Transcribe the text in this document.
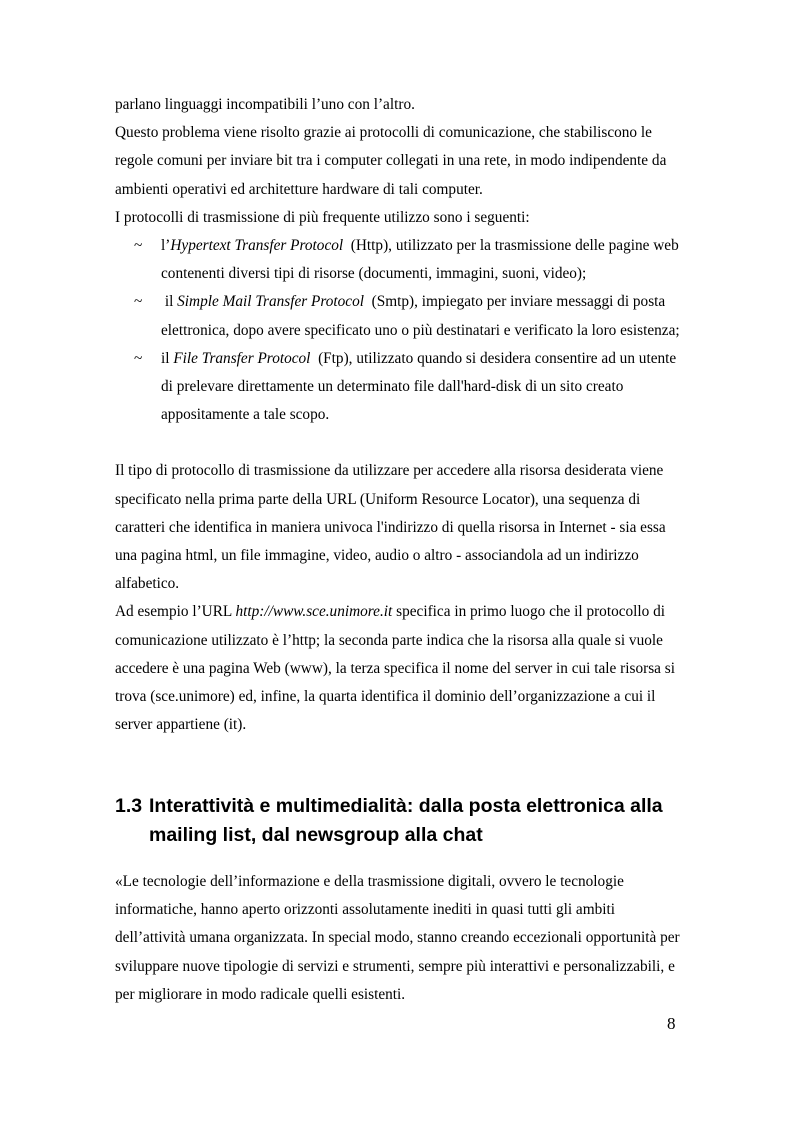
parlano linguaggi incompatibili l’uno con l’altro.

Questo problema viene risolto grazie ai protocolli di comunicazione, che stabiliscono le regole comuni per inviare bit tra i computer collegati in una rete, in modo indipendente da ambienti operativi ed architetture hardware di tali computer.

I protocolli di trasmissione di più frequente utilizzo sono i seguenti:

~ l’Hypertext Transfer Protocol  (Http), utilizzato per la trasmissione delle pagine web contenenti diversi tipi di risorse (documenti, immagini, suoni, video);
~ il Simple Mail Transfer Protocol  (Smtp), impiegato per inviare messaggi di posta elettronica, dopo avere specificato uno o più destinatari e verificato la loro esistenza;
~ il File Transfer Protocol  (Ftp), utilizzato quando si desidera consentire ad un utente di prelevare direttamente un determinato file dall'hard-disk di un sito creato appositamente a tale scopo.

Il tipo di protocollo di trasmissione da utilizzare per accedere alla risorsa desiderata viene specificato nella prima parte della URL (Uniform Resource Locator), una sequenza di caratteri che identifica in maniera univoca l'indirizzo di quella risorsa in Internet - sia essa una pagina html, un file immagine, video, audio o altro - associandola ad un indirizzo alfabetico.

Ad esempio l’URL http://www.sce.unimore.it specifica in primo luogo che il protocollo di comunicazione utilizzato è l’http; la seconda parte indica che la risorsa alla quale si vuole accedere è una pagina Web (www), la terza specifica il nome del server in cui tale risorsa si trova (sce.unimore) ed, infine, la quarta identifica il dominio dell’organizzazione a cui il server appartiene (it).

1.3 Interattività e multimedialità: dalla posta elettronica alla mailing list, dal newsgroup alla chat

«Le tecnologie dell’informazione e della trasmissione digitali, ovvero le tecnologie informatiche, hanno aperto orizzonti assolutamente inediti in quasi tutti gli ambiti dell’attività umana organizzata. In special modo, stanno creando eccezionali opportunità per sviluppare nuove tipologie di servizi e strumenti, sempre più interattivi e personalizzabili, e per migliorare in modo radicale quelli esistenti.

8
